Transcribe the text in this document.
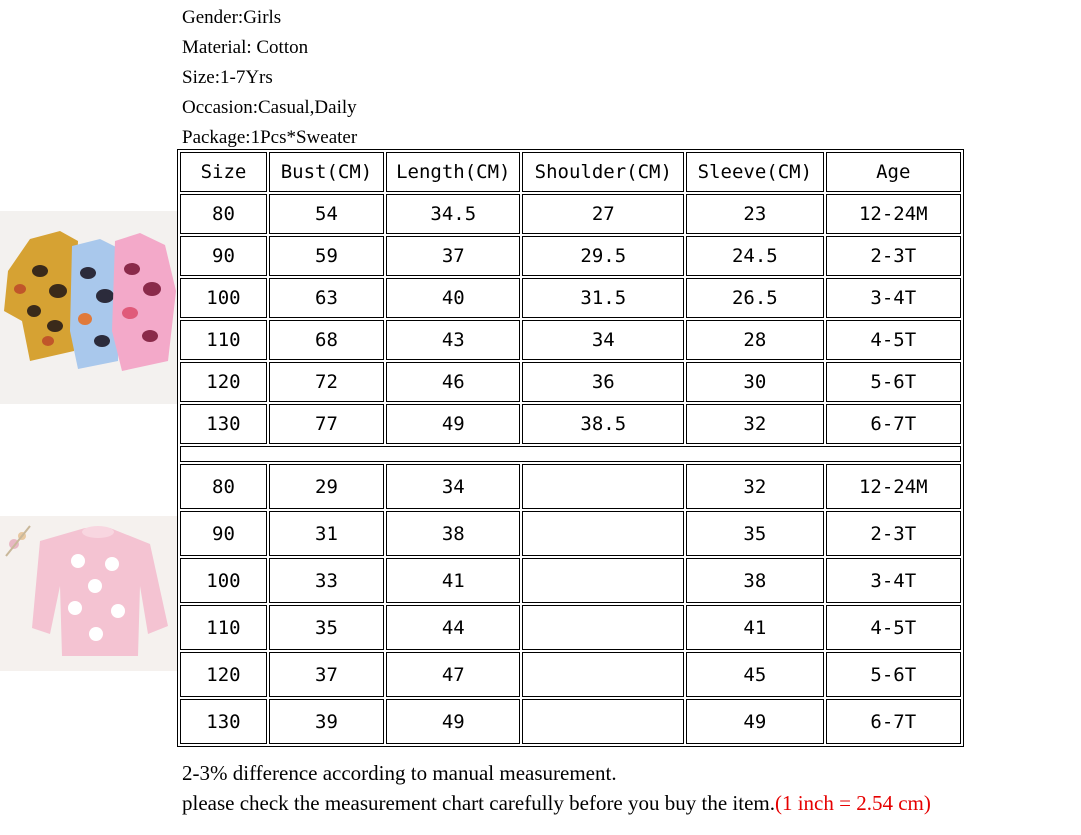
Gender:Girls
Material: Cotton
Size:1-7Yrs
Occasion:Casual,Daily
Package:1Pcs*Sweater
Size	Bust(CM)	Length(CM)	Shoulder(CM)	Sleeve(CM)	Age
80	54	34.5	27	23	12-24M
90	59	37	29.5	24.5	2-3T
100	63	40	31.5	26.5	3-4T
110	68	43	34	28	4-5T
120	72	46	36	30	5-6T
130	77	49	38.5	32	6-7T

80	29	34		32	12-24M
90	31	38		35	2-3T
100	33	41		38	3-4T
110	35	44		41	4-5T
120	37	47		45	5-6T
130	39	49		49	6-7T
2-3% difference according to manual measurement.
please check the measurement chart carefully before you buy the item.(1 inch = 2.54 cm)
